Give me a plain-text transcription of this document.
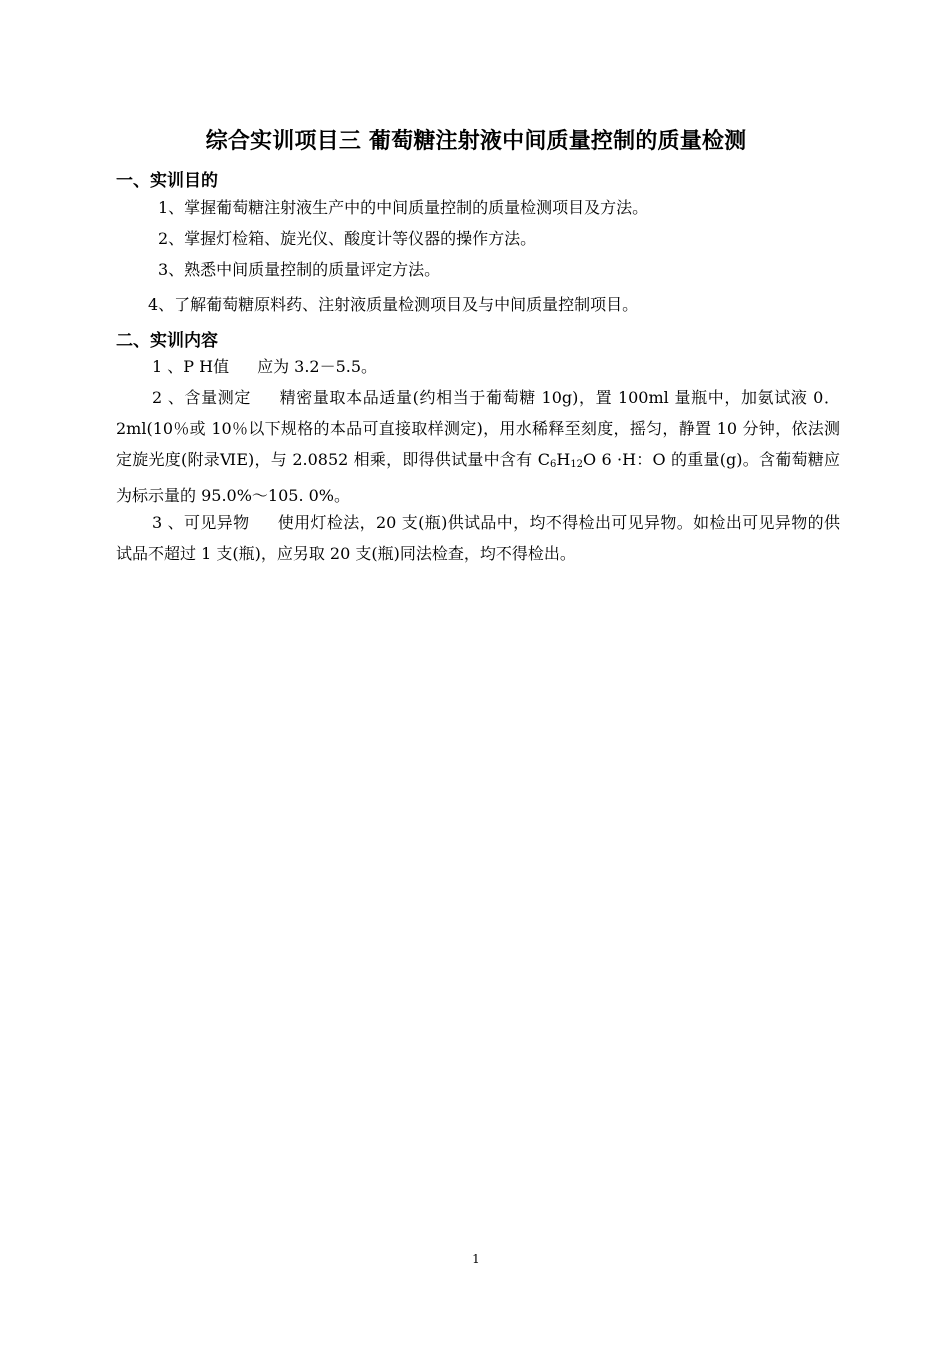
综合实训项目三 葡萄糖注射液中间质量控制的质量检测
一、实训目的
1、掌握葡萄糖注射液生产中的中间质量控制的质量检测项目及方法。
2、掌握灯检箱、旋光仪、酸度计等仪器的操作方法。
3、熟悉中间质量控制的质量评定方法。
4、了解葡萄糖原料药、注射液质量检测项目及与中间质量控制项目。
二、实训内容
1 、P H值 应为 3.2－5.5。
2 、含量测定 精密量取本品适量(约相当于葡萄糖 10g)，置 100ml 量瓶中，加氨试液 0．2ml(10％或 10％以下规格的本品可直接取样测定)，用水稀释至刻度，摇匀，静置 10 分钟，依法测定旋光度(附录ⅥE)，与 2.0852 相乘，即得供试量中含有 $C_6H_{12}O$ 6 ·H：O 的重量(g)。含葡萄糖应为标示量的 95.0%～105. 0%。
3 、可见异物 使用灯检法，20 支(瓶)供试品中，均不得检出可见异物。如检出可见异物的供试品不超过 1 支(瓶)，应另取 20 支(瓶)同法检查，均不得检出。
1
